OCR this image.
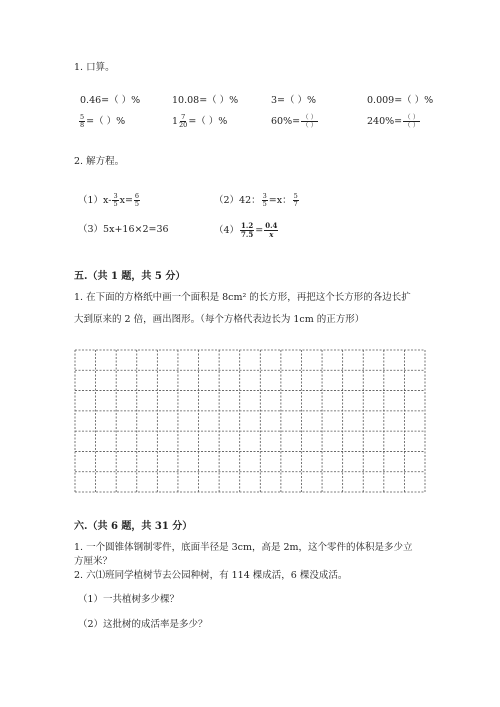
1. 口算。
0.46=（ ）%	10.08=（ ）%	3=（ ）%	0.009=（ ）%
$\frac{5}{8}$ =（ ）%	$1 \frac{7}{20}$ =（ ）%	$60\%= \frac{( )}{( )}$	$240\%= \frac{( )}{( )}$
2. 解方程。
$(1)x- \frac{3}{5} x= \frac{6}{5}$	（2）42： $\frac{3}{5} =x$： $\frac{5}{7}$
（3）5x+16×2=36	$(4) \frac{1.2}{7.5} = \frac{0.4}{x}$
五.（共 1 题，共 5 分）
1. 在下面的方格纸中画一个面积是 8cm² 的长方形，再把这个长方形的各边长扩
大到原来的 2 倍，画出图形。（每个方格代表边长为 1cm 的正方形）
六.（共 6 题，共 31 分）
1. 一个圆锥体钢制零件，底面半径是 3cm，高是 2m，这个零件的体积是多少立
方厘米？
2. 六⑴班同学植树节去公园种树，有 114 棵成活，6 棵没成活。
（1）一共植树多少棵？
（2）这批树的成活率是多少？
